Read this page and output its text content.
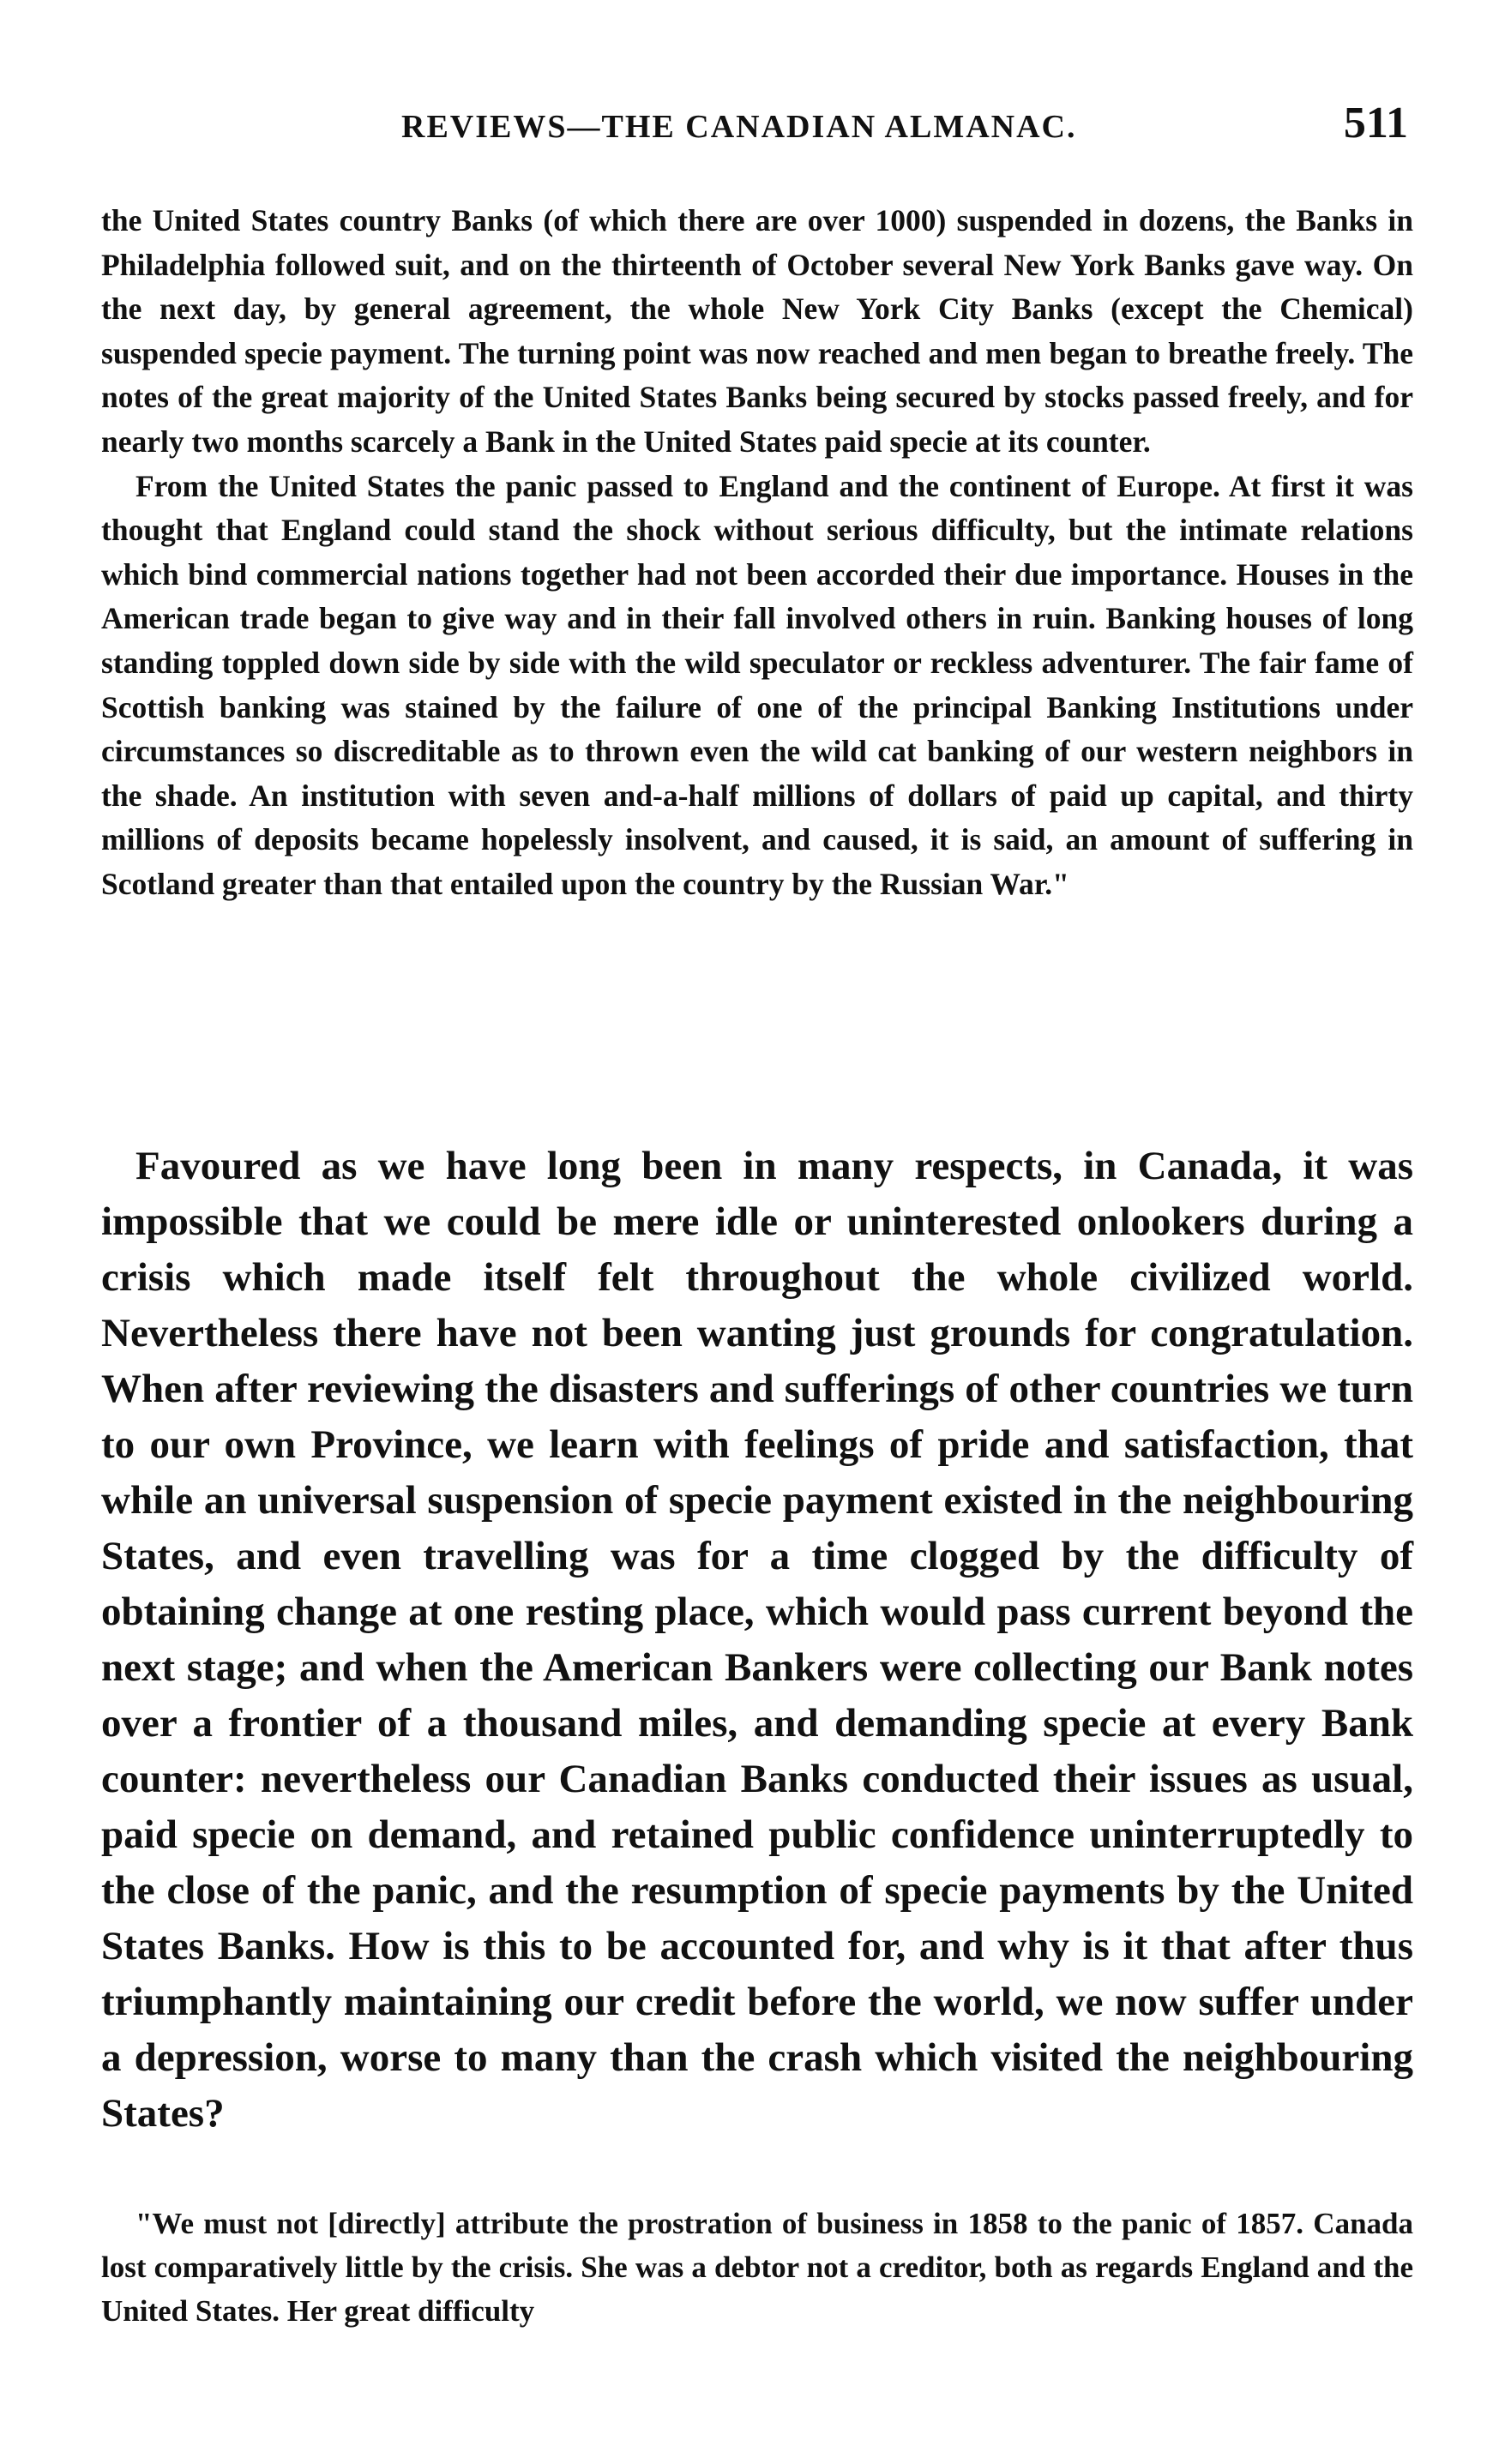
REVIEWS—THE CANADIAN ALMANAC.	511

the United States country Banks (of which there are over 1000) suspended in dozens, the Banks in Philadelphia followed suit, and on the thirteenth of October several New York Banks gave way. On the next day, by general agreement, the whole New York City Banks (except the Chemical) suspended specie payment. The turning point was now reached and men began to breathe freely. The notes of the great majority of the United States Banks being secured by stocks passed freely, and for nearly two months scarcely a Bank in the United States paid specie at its counter.

From the United States the panic passed to England and the continent of Europe. At first it was thought that England could stand the shock without serious difficulty, but the intimate relations which bind commercial nations together had not been accorded their due importance. Houses in the American trade began to give way and in their fall involved others in ruin. Banking houses of long standing toppled down side by side with the wild speculator or reckless adventurer. The fair fame of Scottish banking was stained by the failure of one of the principal Banking Institutions under circumstances so discreditable as to thrown even the wild cat banking of our western neighbors in the shade. An institution with seven and-a-half millions of dollars of paid up capital, and thirty millions of deposits became hopelessly insolvent, and caused, it is said, an amount of suffering in Scotland greater than that entailed upon the country by the Russian War."

Favoured as we have long been in many respects, in Canada, it was impossible that we could be mere idle or uninterested onlookers during a crisis which made itself felt throughout the whole civilized world. Nevertheless there have not been wanting just grounds for congratulation. When after reviewing the disasters and sufferings of other countries we turn to our own Province, we learn with feelings of pride and satisfaction, that while an universal suspension of specie payment existed in the neighbouring States, and even travelling was for a time clogged by the difficulty of obtaining change at one resting place, which would pass current beyond the next stage; and when the American Bankers were collecting our Bank notes over a frontier of a thousand miles, and demanding specie at every Bank counter: nevertheless our Canadian Banks conducted their issues as usual, paid specie on demand, and retained public confidence uninterruptedly to the close of the panic, and the resumption of specie payments by the United States Banks. How is this to be accounted for, and why is it that after thus triumphantly maintaining our credit before the world, we now suffer under a depression, worse to many than the crash which visited the neighbouring States?

"We must not [directly] attribute the prostration of business in 1858 to the panic of 1857. Canada lost comparatively little by the crisis. She was a debtor not a creditor, both as regards England and the United States. Her great difficulty
